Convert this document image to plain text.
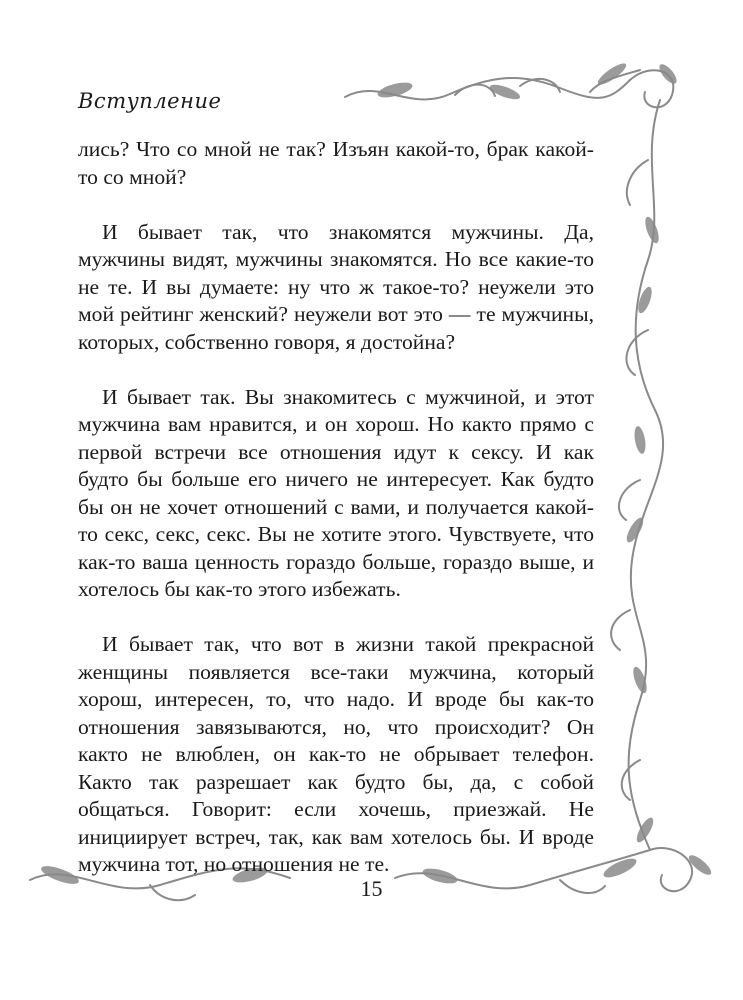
Вступление

лись? Что со мной не так? Изъян какой-то, брак какой-то со мной?

И бывает так, что знакомятся мужчины. Да, мужчины видят, мужчины знакомятся. Но все какие-то не те. И вы думаете: ну что ж такое-то? неужели это мой рейтинг женский? неужели вот это — те мужчины, которых, собственно говоря, я достойна?

И бывает так. Вы знакомитесь с мужчиной, и этот мужчина вам нравится, и он хорош. Но както прямо с первой встречи все отношения идут к сексу. И как будто бы больше его ничего не интересует. Как будто бы он не хочет отношений с вами, и получается какой-то секс, секс, секс. Вы не хотите этого. Чувствуете, что как-то ваша ценность гораздо больше, гораздо выше, и хотелось бы как-то этого избежать.

И бывает так, что вот в жизни такой прекрасной женщины появляется все-таки мужчина, который хорош, интересен, то, что надо. И вроде бы как-то отношения завязываются, но, что происходит? Он както не влюблен, он как-то не обрывает телефон. Както так разрешает как будто бы, да, с собой общаться. Говорит: если хочешь, приезжай. Не инициирует встреч, так, как вам хотелось бы. И вроде мужчина тот, но отношения не те.

15
